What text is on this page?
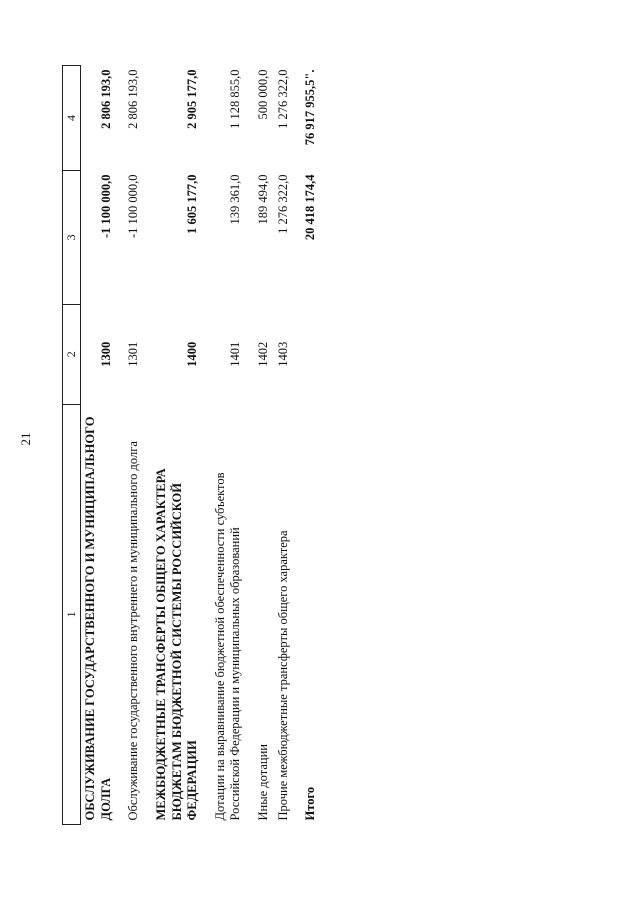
21
1	2	3	4
ОБСЛУЖИВАНИЕ ГОСУДАРСТВЕННОГО И МУНИЦИПАЛЬНОГО ДОЛГА	1300	-1 100 000,0	2 806 193,0
Обслуживание государственного внутреннего и муниципального долга	1301	-1 100 000,0	2 806 193,0
МЕЖБЮДЖЕТНЫЕ ТРАНСФЕРТЫ ОБЩЕГО ХАРАКТЕРА БЮДЖЕТАМ БЮДЖЕТНОЙ СИСТЕМЫ РОССИЙСКОЙ ФЕДЕРАЦИИ	1400	1 605 177,0	2 905 177,0
Дотации на выравнивание бюджетной обеспеченности субъектов Российской Федерации и муниципальных образований	1401	139 361,0	1 128 855,0
Иные дотации	1402	189 494,0	500 000,0
Прочие межбюджетные трансферты общего характера	1403	1 276 322,0	1 276 322,0
Итого		20 418 174,4	76 917 955,5".
